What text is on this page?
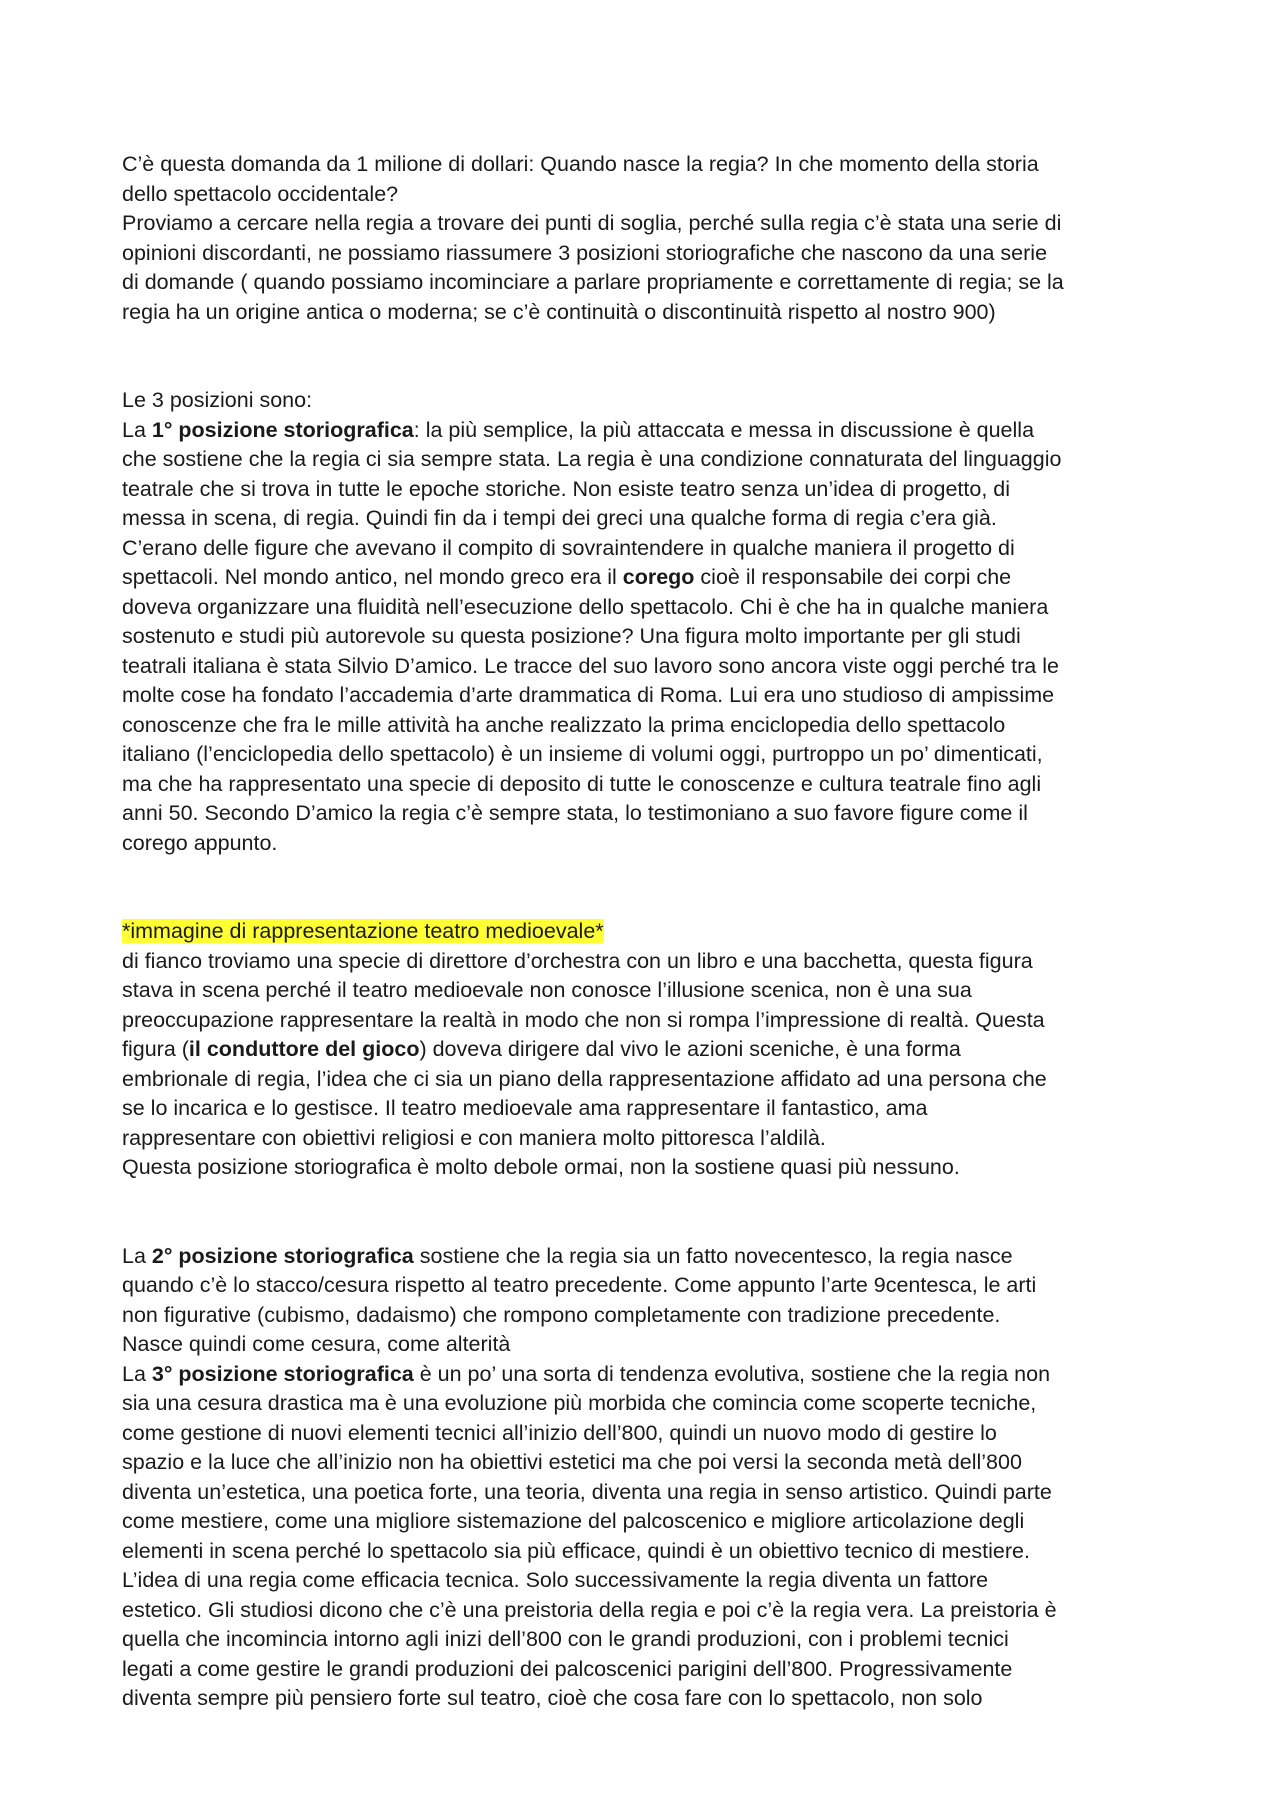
C’è questa domanda da 1 milione di dollari: Quando nasce la regia? In che momento della storia
dello spettacolo occidentale?
Proviamo a cercare nella regia a trovare dei punti di soglia, perché sulla regia c’è stata una serie di
opinioni discordanti, ne possiamo riassumere 3 posizioni storiografiche che nascono da una serie
di domande ( quando possiamo incominciare a parlare propriamente e correttamente di regia; se la
regia ha un origine antica o moderna; se c’è continuità o discontinuità rispetto al nostro 900)
Le 3 posizioni sono:
La 1° posizione storiografica: la più semplice, la più attaccata e messa in discussione è quella
che sostiene che la regia ci sia sempre stata. La regia è una condizione connaturata del linguaggio
teatrale che si trova in tutte le epoche storiche. Non esiste teatro senza un’idea di progetto, di
messa in scena, di regia. Quindi fin da i tempi dei greci una qualche forma di regia c’era già.
C’erano delle figure che avevano il compito di sovraintendere in qualche maniera il progetto di
spettacoli. Nel mondo antico, nel mondo greco era il corego cioè il responsabile dei corpi che
doveva organizzare una fluidità nell’esecuzione dello spettacolo. Chi è che ha in qualche maniera
sostenuto e studi più autorevole su questa posizione? Una figura molto importante per gli studi
teatrali italiana è stata Silvio D’amico. Le tracce del suo lavoro sono ancora viste oggi perché tra le
molte cose ha fondato l’accademia d’arte drammatica di Roma. Lui era uno studioso di ampissime
conoscenze che fra le mille attività ha anche realizzato la prima enciclopedia dello spettacolo
italiano (l’enciclopedia dello spettacolo) è un insieme di volumi oggi, purtroppo un po’ dimenticati,
ma che ha rappresentato una specie di deposito di tutte le conoscenze e cultura teatrale fino agli
anni 50. Secondo D’amico la regia c’è sempre stata, lo testimoniano a suo favore figure come il
corego appunto.
*immagine di rappresentazione teatro medioevale*
di fianco troviamo una specie di direttore d’orchestra con un libro e una bacchetta, questa figura
stava in scena perché il teatro medioevale non conosce l’illusione scenica, non è una sua
preoccupazione rappresentare la realtà in modo che non si rompa l’impressione di realtà. Questa
figura (il conduttore del gioco) doveva dirigere dal vivo le azioni sceniche, è una forma
embrionale di regia, l’idea che ci sia un piano della rappresentazione affidato ad una persona che
se lo incarica e lo gestisce. Il teatro medioevale ama rappresentare il fantastico, ama
rappresentare con obiettivi religiosi e con maniera molto pittoresca l’aldilà.
Questa posizione storiografica è molto debole ormai, non la sostiene quasi più nessuno.
La 2° posizione storiografica sostiene che la regia sia un fatto novecentesco, la regia nasce
quando c’è lo stacco/cesura rispetto al teatro precedente. Come appunto l’arte 9centesca, le arti
non figurative (cubismo, dadaismo) che rompono completamente con tradizione precedente.
Nasce quindi come cesura, come alterità
La 3° posizione storiografica è un po’ una sorta di tendenza evolutiva, sostiene che la regia non
sia una cesura drastica ma è una evoluzione più morbida che comincia come scoperte tecniche,
come gestione di nuovi elementi tecnici all’inizio dell’800, quindi un nuovo modo di gestire lo
spazio e la luce che all’inizio non ha obiettivi estetici ma che poi versi la seconda metà dell’800
diventa un’estetica, una poetica forte, una teoria, diventa una regia in senso artistico. Quindi parte
come mestiere, come una migliore sistemazione del palcoscenico e migliore articolazione degli
elementi in scena perché lo spettacolo sia più efficace, quindi è un obiettivo tecnico di mestiere.
L’idea di una regia come efficacia tecnica. Solo successivamente la regia diventa un fattore
estetico. Gli studiosi dicono che c’è una preistoria della regia e poi c’è la regia vera. La preistoria è
quella che incomincia intorno agli inizi dell’800 con le grandi produzioni, con i problemi tecnici
legati a come gestire le grandi produzioni dei palcoscenici parigini dell’800. Progressivamente
diventa sempre più pensiero forte sul teatro, cioè che cosa fare con lo spettacolo, non solo
